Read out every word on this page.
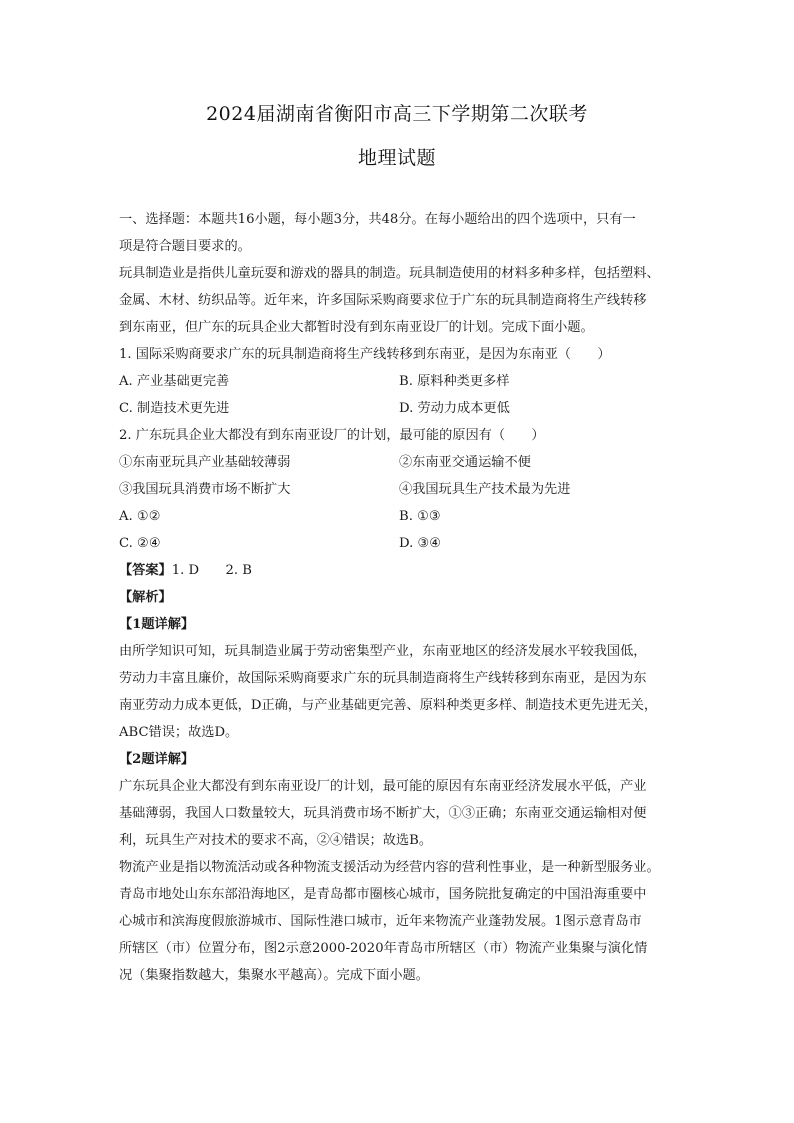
2024届湖南省衡阳市高三下学期第二次联考
地理试题
一、选择题：本题共16小题，每小题3分，共48分。在每小题给出的四个选项中，只有一
项是符合题目要求的。
玩具制造业是指供儿童玩耍和游戏的器具的制造。玩具制造使用的材料多种多样，包括塑料、
金属、木材、纺织品等。近年来，许多国际采购商要求位于广东的玩具制造商将生产线转移
到东南亚，但广东的玩具企业大都暂时没有到东南亚设厂的计划。完成下面小题。
1. 国际采购商要求广东的玩具制造商将生产线转移到东南亚，是因为东南亚（　　）
A. 产业基础更完善	B. 原料种类更多样
C. 制造技术更先进	D. 劳动力成本更低
2. 广东玩具企业大都没有到东南亚设厂的计划，最可能的原因有（　　）
①东南亚玩具产业基础较薄弱	②东南亚交通运输不便
③我国玩具消费市场不断扩大	④我国玩具生产技术最为先进
A. ①②	B. ①③
C. ②④	D. ③④
【答案】1. D　　2. B
【解析】
【1题详解】
由所学知识可知，玩具制造业属于劳动密集型产业，东南亚地区的经济发展水平较我国低，
劳动力丰富且廉价，故国际采购商要求广东的玩具制造商将生产线转移到东南亚，是因为东
南亚劳动力成本更低，D正确，与产业基础更完善、原料种类更多样、制造技术更先进无关，
ABC错误；故选D。
【2题详解】
广东玩具企业大都没有到东南亚设厂的计划，最可能的原因有东南亚经济发展水平低，产业
基础薄弱，我国人口数量较大，玩具消费市场不断扩大，①③正确；东南亚交通运输相对便
利，玩具生产对技术的要求不高，②④错误；故选B。
物流产业是指以物流活动或各种物流支援活动为经营内容的营利性事业，是一种新型服务业。
青岛市地处山东东部沿海地区，是青岛都市圈核心城市，国务院批复确定的中国沿海重要中
心城市和滨海度假旅游城市、国际性港口城市，近年来物流产业蓬勃发展。1图示意青岛市
所辖区（市）位置分布，图2示意2000-2020年青岛市所辖区（市）物流产业集聚与演化情
况（集聚指数越大，集聚水平越高）。完成下面小题。
